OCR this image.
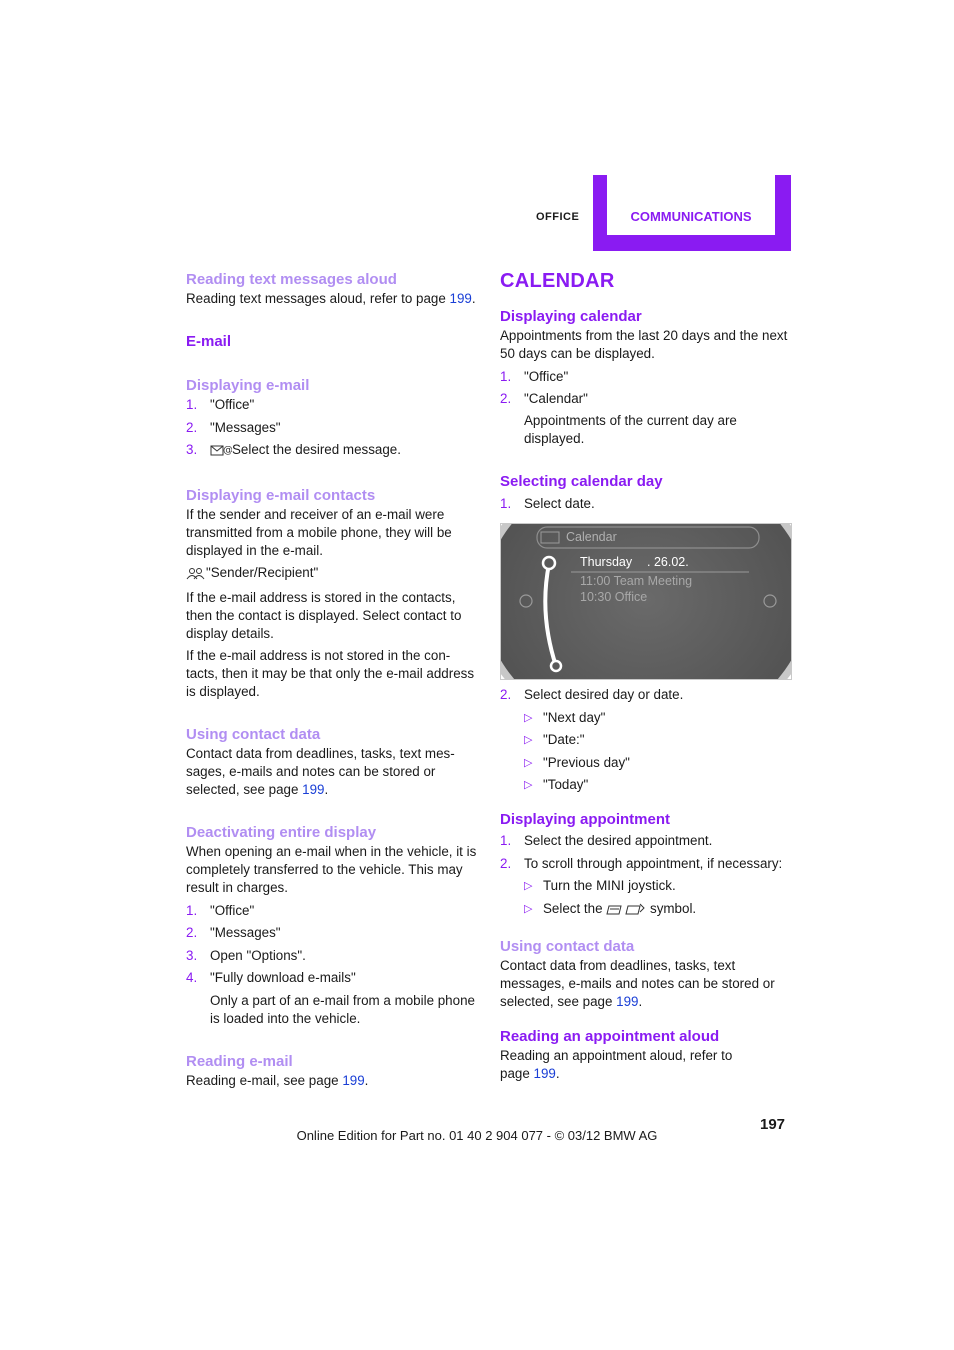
OFFICE	COMMUNICATIONS
Reading text messages aloud

Reading text messages aloud, refer to page 199.

E-mail
Displaying e-mail
1. "Office"
2. "Messages"
3.	@ Select the desired message.
Displaying e-mail contacts

If the sender and receiver of an e-mail were transmitted from a mobile phone, they will be displayed in the e-mail.

"Sender/Recipient"

If the e-mail address is stored in the contacts, then the contact is displayed. Select contact to display details.

If the e-mail address is not stored in the con-tacts, then it may be that only the e-mail address is displayed.

Using contact data

Contact data from deadlines, tasks, text mes-sages, e-mails and notes can be stored or selected, see page 199.

Deactivating entire display

When opening an e-mail when in the vehicle, it is completely transferred to the vehicle. This may result in charges.

1. "Office"
2. "Messages"
3. Open "Options".
4. "Fully download e-mails"
Only a part of an e-mail from a mobile phone is loaded into the vehicle.
Reading e-mail

Reading e-mail, see page 199.

CALENDAR
Displaying calendar

Appointments from the last 20 days and the next 50 days can be displayed.

1. "Office"
2. "Calendar"
Appointments of the current day are displayed.
Selecting calendar day
1. Select date.
Calendar
Thursday . 26.02.
11:00 Team Meeting
10:30 Office
2. Select desired day or date.
▷ "Next day"
▷ "Date:"
▷ "Previous day"
▷ "Today"
Displaying appointment
1. Select the desired appointment.
2. To scroll through appointment, if necessary:
▷ Turn the MINI joystick.
▷ Select the	symbol.
Using contact data

Contact data from deadlines, tasks, text messages, e-mails and notes can be stored or selected, see page 199.

Reading an appointment aloud

Reading an appointment aloud, refer to page 199.

197
Online Edition for Part no. 01 40 2 904 077 - © 03/12 BMW AG
